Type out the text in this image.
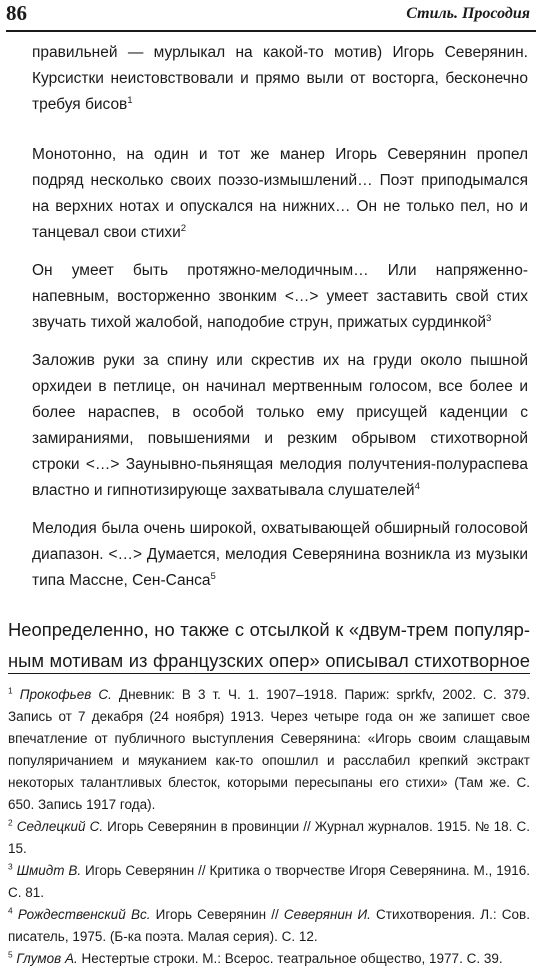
86	Стиль. Просодия

правильней — мурлыкал на какой-то мотив) Игорь Северянин. Курсистки неистовствовали и прямо выли от восторга, бесконечно требуя бисов$^1$

Монотонно, на один и тот же манер Игорь Северянин пропел подряд несколько своих поэзо-измышлений… Поэт приподымался на верхних нотах и опускался на нижних… Он не только пел, но и танцевал свои стихи$^2$

Он умеет быть протяжно-мелодичным… Или напряженно-напевным, восторженно звонким <…> умеет заставить свой стих звучать тихой жалобой, наподобие струн, прижатых сурдинкой$^3$

Заложив руки за спину или скрестив их на груди около пышной орхидеи в петлице, он начинал мертвенным голосом, все более и более нараспев, в особой только ему присущей каденции с замираниями, повышениями и резким обрывом стихотворной строки <…> Заунывно-пьянящая мелодия получтения-полураспева властно и гипнотизирующе захватывала слушателей$^4$

Мелодия была очень широкой, охватывающей обширный голосовой диапазон. <…> Думается, мелодия Северянина возникла из музыки типа Массне, Сен-Санса$^5$

Неопределенно, но также с отсылкой к «двум-трем популяр-
ным мотивам из французских опер» описывал стихотворное

$^1$ Прокофьев С. Дневник: В 3 т. Ч. 1. 1907–1918. Париж: sprkfv, 2002. С. 379. Запись от 7 декабря (24 ноября) 1913. Через четыре года он же запишет свое впечатление от публичного выступления Северянина: «Игорь своим слащавым популяричанием и мяуканием как-то опошлил и расслабил крепкий экстракт некоторых талантливых блесток, которыми пересыпаны его стихи» (Там же. С. 650. Запись 1917 года).

$^2$ Седлецкий С. Игорь Северянин в провинции // Журнал журналов. 1915. № 18. С. 15.

$^3$ Шмидт В. Игорь Северянин // Критика о творчестве Игоря Северянина. М., 1916. С. 81.

$^4$ Рождественский Вс. Игорь Северянин // Северянин И. Стихотворения. Л.: Сов. писатель, 1975. (Б-ка поэта. Малая серия). С. 12.

$^5$ Глумов А. Нестертые строки. М.: Всерос. театральное общество, 1977. С. 39.
